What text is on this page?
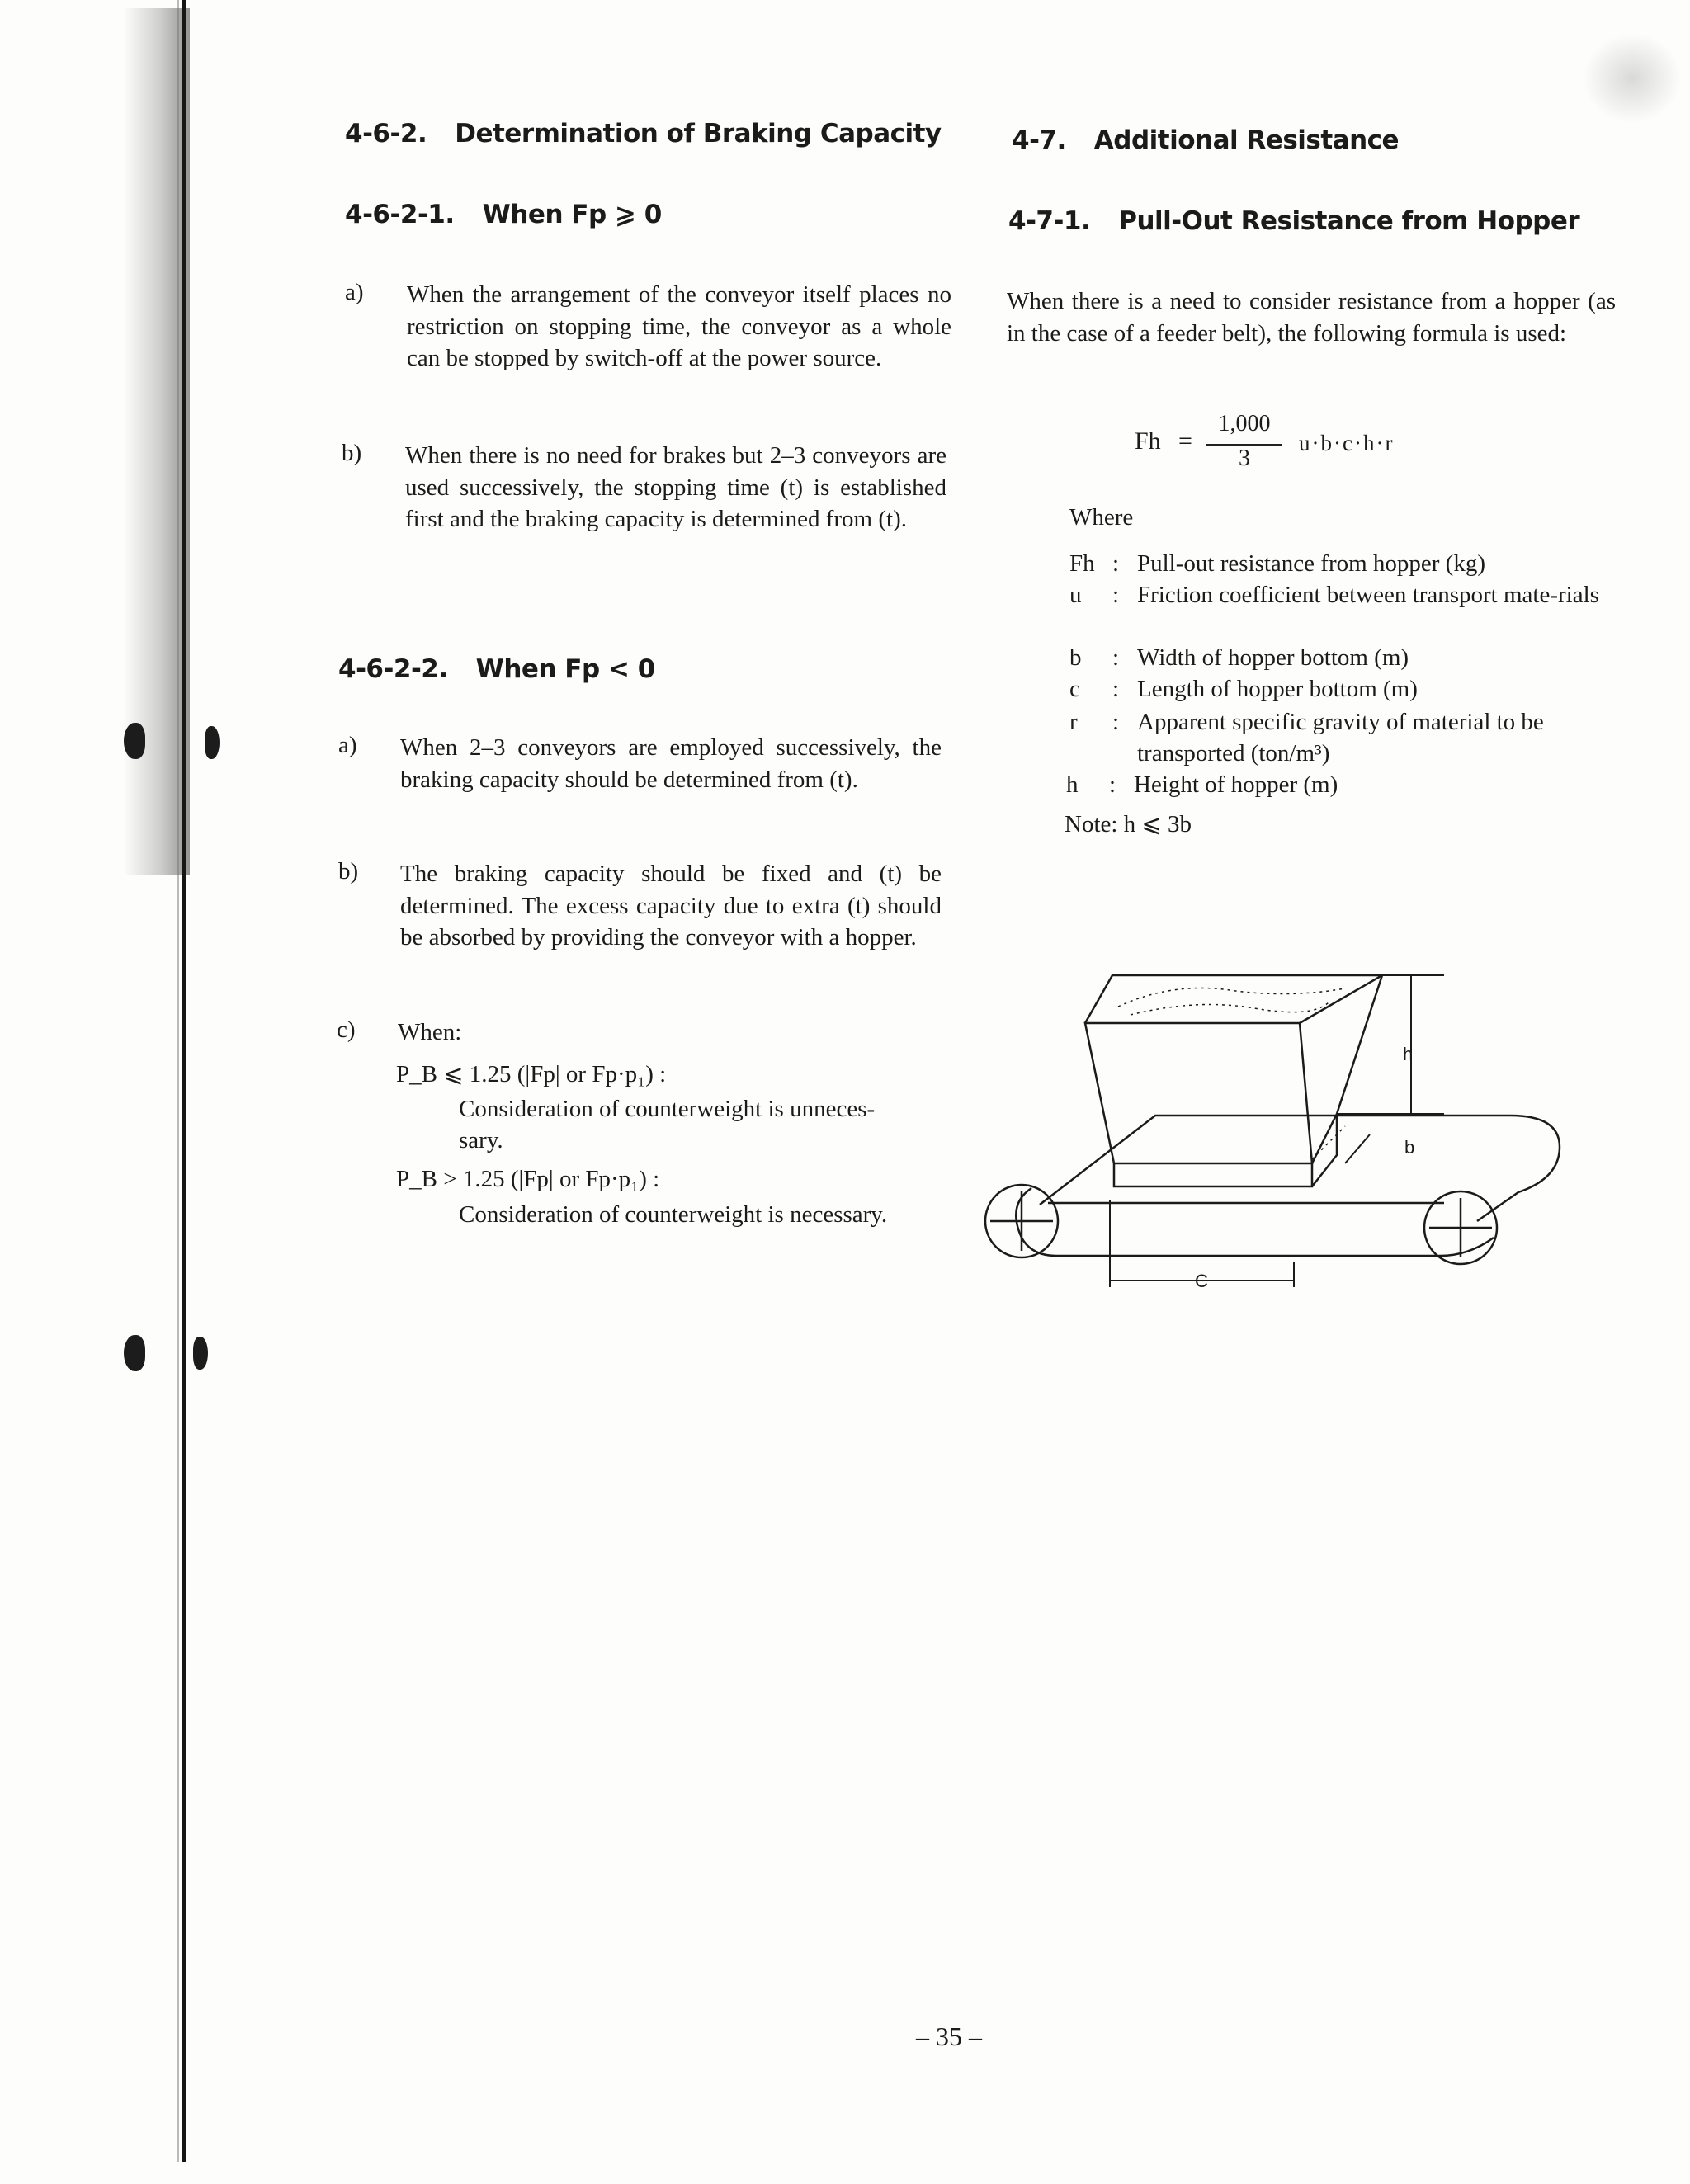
4-6-2. Determination of Braking Capacity
4-6-2-1. When Fp ⩾ 0
a) When the arrangement of the conveyor itself places no restriction on stopping time, the conveyor as a whole can be stopped by switch-off at the power source.
b) When there is no need for brakes but 2–3 conveyors are used successively, the stopping time (t) is established first and the braking capacity is determined from (t).
4-6-2-2. When Fp < 0
a) When 2–3 conveyors are employed successively, the braking capacity should be determined from (t).
b) The braking capacity should be fixed and (t) be determined. The excess capacity due to extra (t) should be absorbed by providing the conveyor with a hopper.
c) When:
P_B ⩽ 1.25 (|Fp| or Fp·p₁) :
Consideration of counterweight is unneces-
sary.
P_B > 1.25 (|Fp| or Fp·p₁) :
Consideration of counterweight is necessary.
4-7. Additional Resistance
4-7-1. Pull-Out Resistance from Hopper
When there is a need to consider resistance from a hopper (as in the case of a feeder belt), the following formula is used:
Fh =
1,000
3
u·b·c·h·r
Where
Fh : Pull-out resistance from hopper (kg)
u : Friction coefficient between transport mate-rials
b : Width of hopper bottom (m)
c : Length of hopper bottom (m)
r : Apparent specific gravity of material to be transported (ton/m³)
h : Height of hopper (m)
Note: h ⩽ 3b
h
b
C
– 35 –
